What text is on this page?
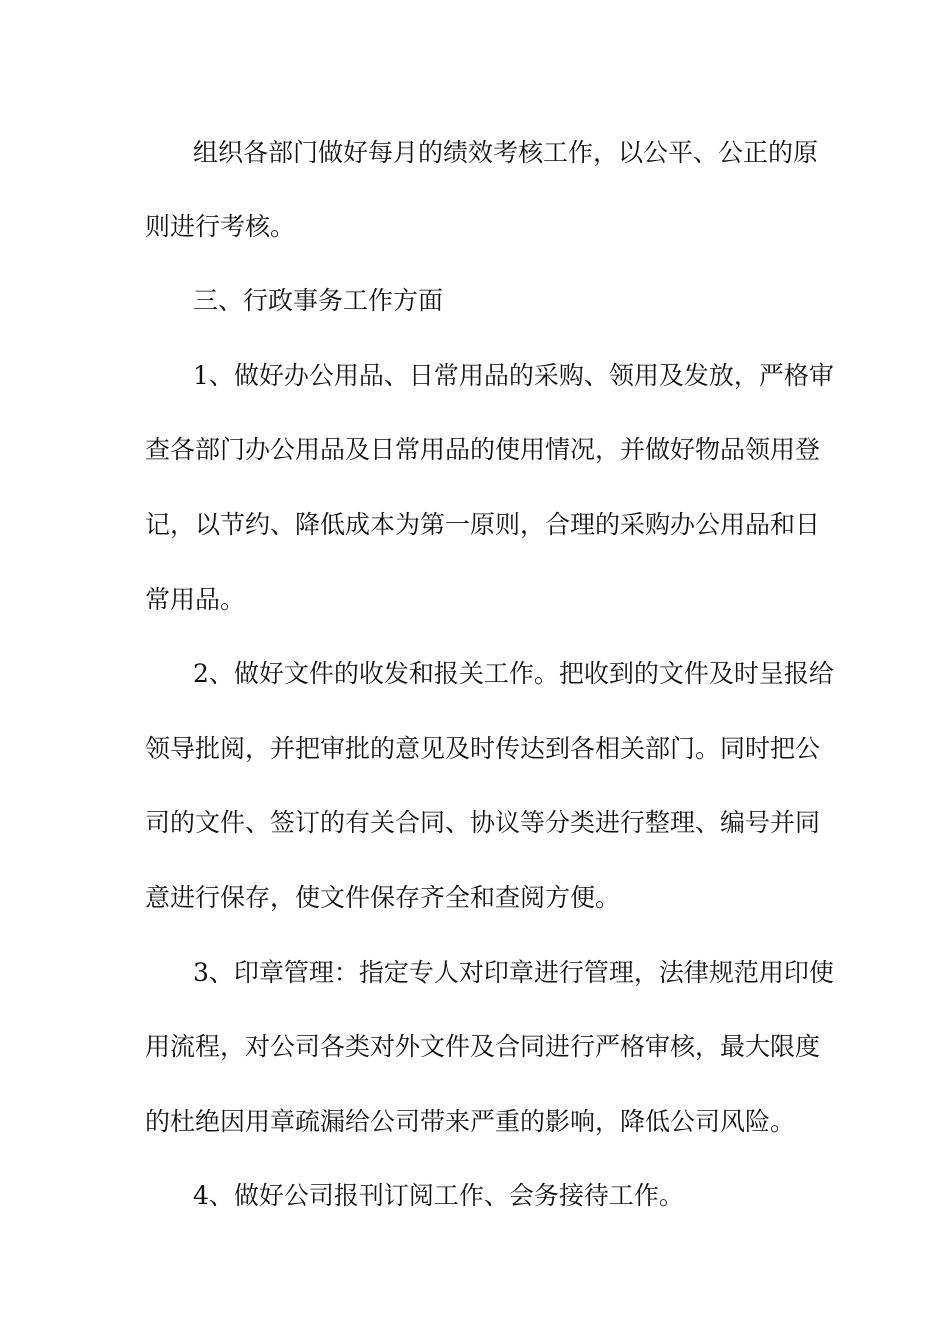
组织各部门做好每月的绩效考核工作，以公平、公正的原
则进行考核。
三、行政事务工作方面
1、做好办公用品、日常用品的采购、领用及发放，严格审
查各部门办公用品及日常用品的使用情况，并做好物品领用登
记，以节约、降低成本为第一原则，合理的采购办公用品和日
常用品。
2、做好文件的收发和报关工作。把收到的文件及时呈报给
领导批阅，并把审批的意见及时传达到各相关部门。同时把公
司的文件、签订的有关合同、协议等分类进行整理、编号并同
意进行保存，使文件保存齐全和查阅方便。
3、印章管理：指定专人对印章进行管理，法律规范用印使
用流程，对公司各类对外文件及合同进行严格审核，最大限度
的杜绝因用章疏漏给公司带来严重的影响，降低公司风险。
4、做好公司报刊订阅工作、会务接待工作。
